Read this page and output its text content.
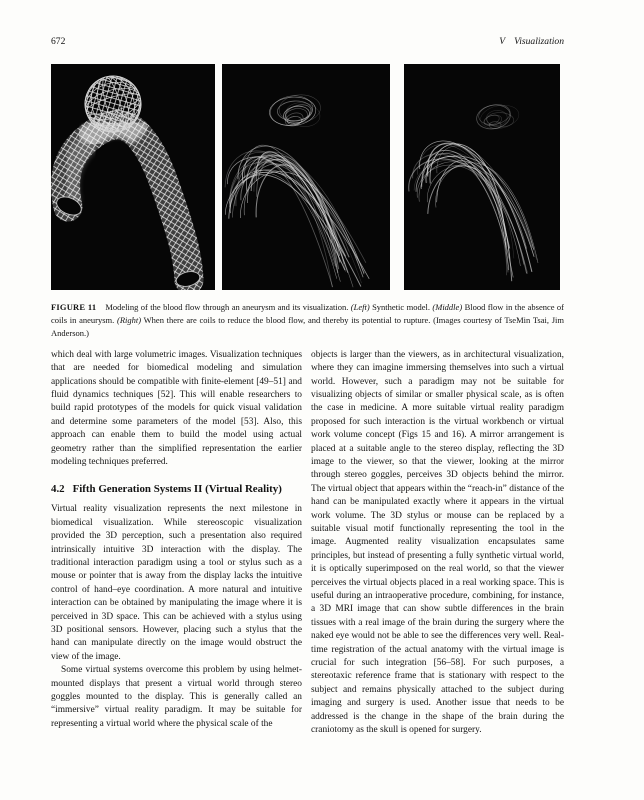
672	V Visualization
FIGURE 11 Modeling of the blood flow through an aneurysm and its visualization. (Left) Synthetic model. (Middle) Blood flow in the absence of coils in aneurysm. (Right) When there are coils to reduce the blood flow, and thereby its potential to rupture. (Images courtesy of TseMin Tsai, Jim Anderson.)

which deal with large volumetric images. Visualization techniques that are needed for biomedical modeling and simulation applications should be compatible with finite-element [49–51] and fluid dynamics techniques [52]. This will enable researchers to build rapid prototypes of the models for quick visual validation and determine some parameters of the model [53]. Also, this approach can enable them to build the model using actual geometry rather than the simplified representation the earlier modeling techniques preferred.

4.2 Fifth Generation Systems II (Virtual Reality)

Virtual reality visualization represents the next milestone in biomedical visualization. While stereoscopic visualization provided the 3D perception, such a presentation also required intrinsically intuitive 3D interaction with the display. The traditional interaction paradigm using a tool or stylus such as a mouse or pointer that is away from the display lacks the intuitive control of hand–eye coordination. A more natural and intuitive interaction can be obtained by manipulating the image where it is perceived in 3D space. This can be achieved with a stylus using 3D positional sensors. However, placing such a stylus that the hand can manipulate directly on the image would obstruct the view of the image.

Some virtual systems overcome this problem by using helmet-mounted displays that present a virtual world through stereo goggles mounted to the display. This is generally called an “immersive” virtual reality paradigm. It may be suitable for representing a virtual world where the physical scale of the

objects is larger than the viewers, as in architectural visualization, where they can imagine immersing themselves into such a virtual world. However, such a paradigm may not be suitable for visualizing objects of similar or smaller physical scale, as is often the case in medicine. A more suitable virtual reality paradigm proposed for such interaction is the virtual workbench or virtual work volume concept (Figs 15 and 16). A mirror arrangement is placed at a suitable angle to the stereo display, reflecting the 3D image to the viewer, so that the viewer, looking at the mirror through stereo goggles, perceives 3D objects behind the mirror. The virtual object that appears within the “reach-in” distance of the hand can be manipulated exactly where it appears in the virtual work volume. The 3D stylus or mouse can be replaced by a suitable visual motif functionally representing the tool in the image. Augmented reality visualization encapsulates same principles, but instead of presenting a fully synthetic virtual world, it is optically superimposed on the real world, so that the viewer perceives the virtual objects placed in a real working space. This is useful during an intraoperative procedure, combining, for instance, a 3D MRI image that can show subtle differences in the brain tissues with a real image of the brain during the surgery where the naked eye would not be able to see the differences very well. Real-time registration of the actual anatomy with the virtual image is crucial for such integration [56–58]. For such purposes, a stereotaxic reference frame that is stationary with respect to the subject and remains physically attached to the subject during imaging and surgery is used. Another issue that needs to be addressed is the change in the shape of the brain during the craniotomy as the skull is opened for surgery.
